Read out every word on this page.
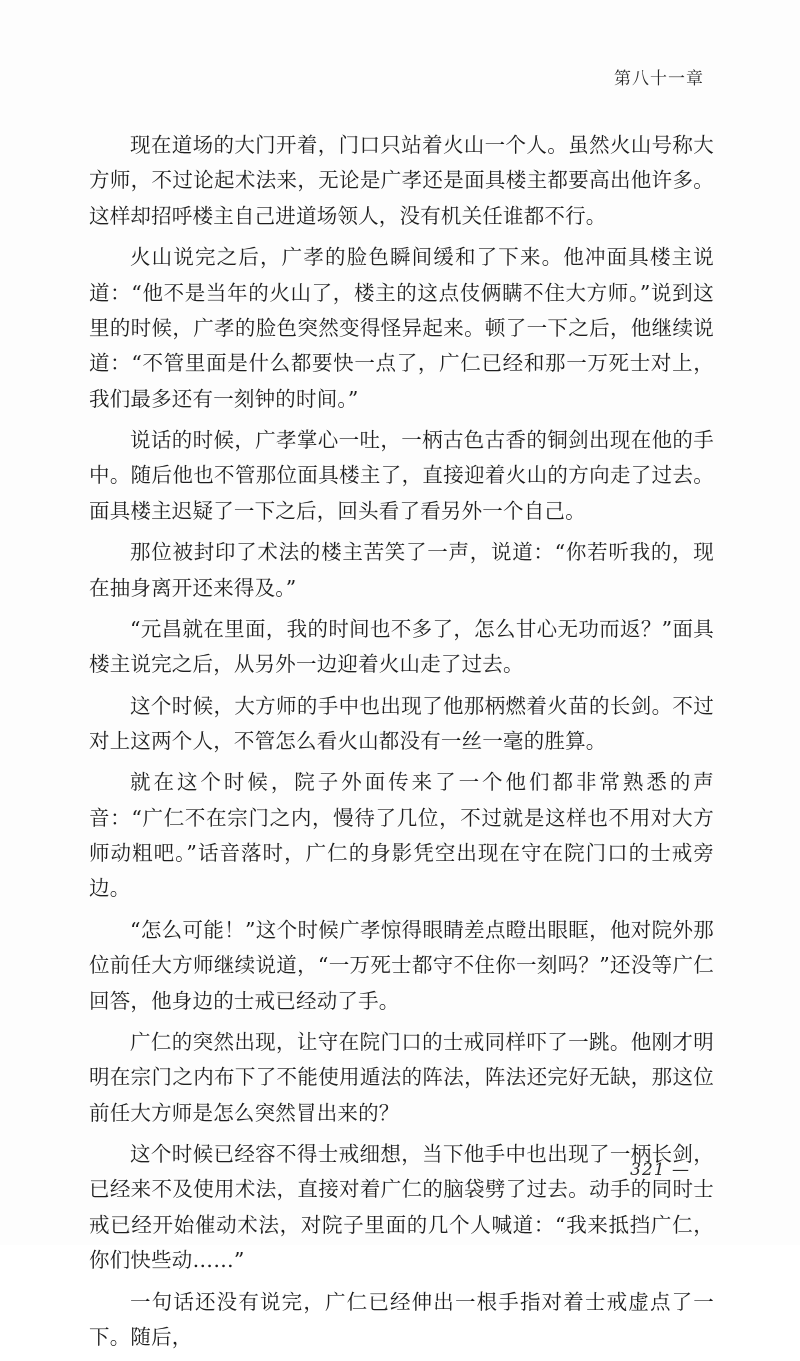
第八十一章

现在道场的大门开着，门口只站着火山一个人。虽然火山号称大方师，不过论起术法来，无论是广孝还是面具楼主都要高出他许多。这样却招呼楼主自己进道场领人，没有机关任谁都不行。

火山说完之后，广孝的脸色瞬间缓和了下来。他冲面具楼主说道：“他不是当年的火山了，楼主的这点伎俩瞒不住大方师。”说到这里的时候，广孝的脸色突然变得怪异起来。顿了一下之后，他继续说道：“不管里面是什么都要快一点了，广仁已经和那一万死士对上，我们最多还有一刻钟的时间。”

说话的时候，广孝掌心一吐，一柄古色古香的铜剑出现在他的手中。随后他也不管那位面具楼主了，直接迎着火山的方向走了过去。面具楼主迟疑了一下之后，回头看了看另外一个自己。

那位被封印了术法的楼主苦笑了一声，说道：“你若听我的，现在抽身离开还来得及。”

“元昌就在里面，我的时间也不多了，怎么甘心无功而返？”面具楼主说完之后，从另外一边迎着火山走了过去。

这个时候，大方师的手中也出现了他那柄燃着火苗的长剑。不过对上这两个人，不管怎么看火山都没有一丝一毫的胜算。

就在这个时候，院子外面传来了一个他们都非常熟悉的声音：“广仁不在宗门之内，慢待了几位，不过就是这样也不用对大方师动粗吧。”话音落时，广仁的身影凭空出现在守在院门口的士戒旁边。

“怎么可能！”这个时候广孝惊得眼睛差点瞪出眼眶，他对院外那位前任大方师继续说道，“一万死士都守不住你一刻吗？”还没等广仁回答，他身边的士戒已经动了手。

广仁的突然出现，让守在院门口的士戒同样吓了一跳。他刚才明明在宗门之内布下了不能使用遁法的阵法，阵法还完好无缺，那这位前任大方师是怎么突然冒出来的？

这个时候已经容不得士戒细想，当下他手中也出现了一柄长剑，已经来不及使用术法，直接对着广仁的脑袋劈了过去。动手的同时士戒已经开始催动术法，对院子里面的几个人喊道：“我来抵挡广仁，你们快些动……”

一句话还没有说完，广仁已经伸出一根手指对着士戒虚点了一下。随后，

321 —
